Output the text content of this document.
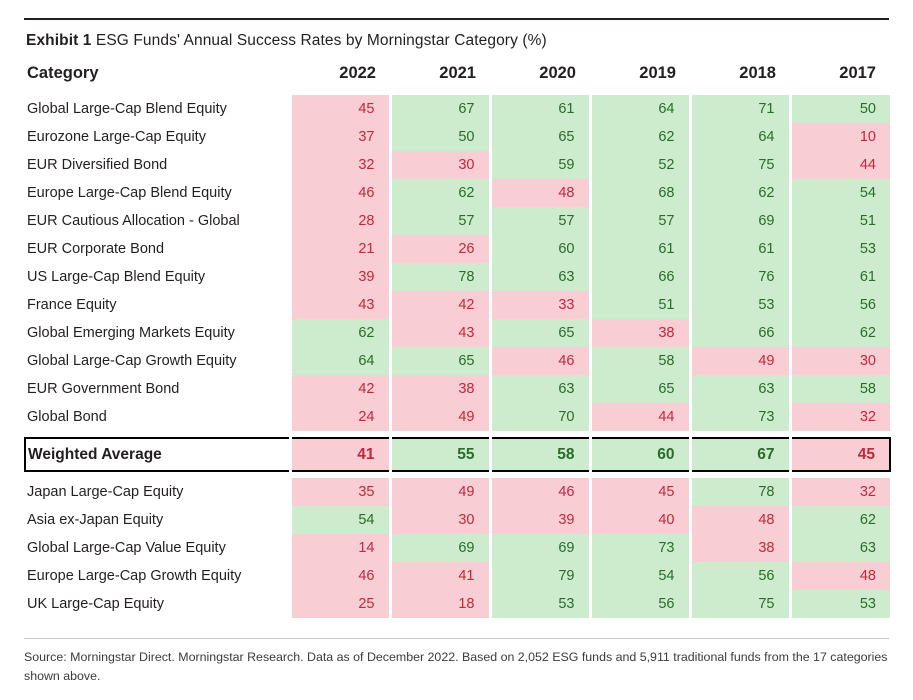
Exhibit 1 ESG Funds' Annual Success Rates by Morningstar Category (%)
Category	2022	2021	2020	2019	2018	2017
Global Large-Cap Blend Equity	45	67	61	64	71	50
Eurozone Large-Cap Equity	37	50	65	62	64	10
EUR Diversified Bond	32	30	59	52	75	44
Europe Large-Cap Blend Equity	46	62	48	68	62	54
EUR Cautious Allocation - Global	28	57	57	57	69	51
EUR Corporate Bond	21	26	60	61	61	53
US Large-Cap Blend Equity	39	78	63	66	76	61
France Equity	43	42	33	51	53	56
Global Emerging Markets Equity	62	43	65	38	66	62
Global Large-Cap Growth Equity	64	65	46	58	49	30
EUR Government Bond	42	38	63	65	63	58
Global Bond	24	49	70	44	73	32

Weighted Average	41	55	58	60	67	45

Japan Large-Cap Equity	35	49	46	45	78	32
Asia ex-Japan Equity	54	30	39	40	48	62
Global Large-Cap Value Equity	14	69	69	73	38	63
Europe Large-Cap Growth Equity	46	41	79	54	56	48
UK Large-Cap Equity	25	18	53	56	75	53
Source: Morningstar Direct. Morningstar Research. Data as of December 2022. Based on 2,052 ESG funds and 5,911 traditional funds from the 17 categories shown above.
